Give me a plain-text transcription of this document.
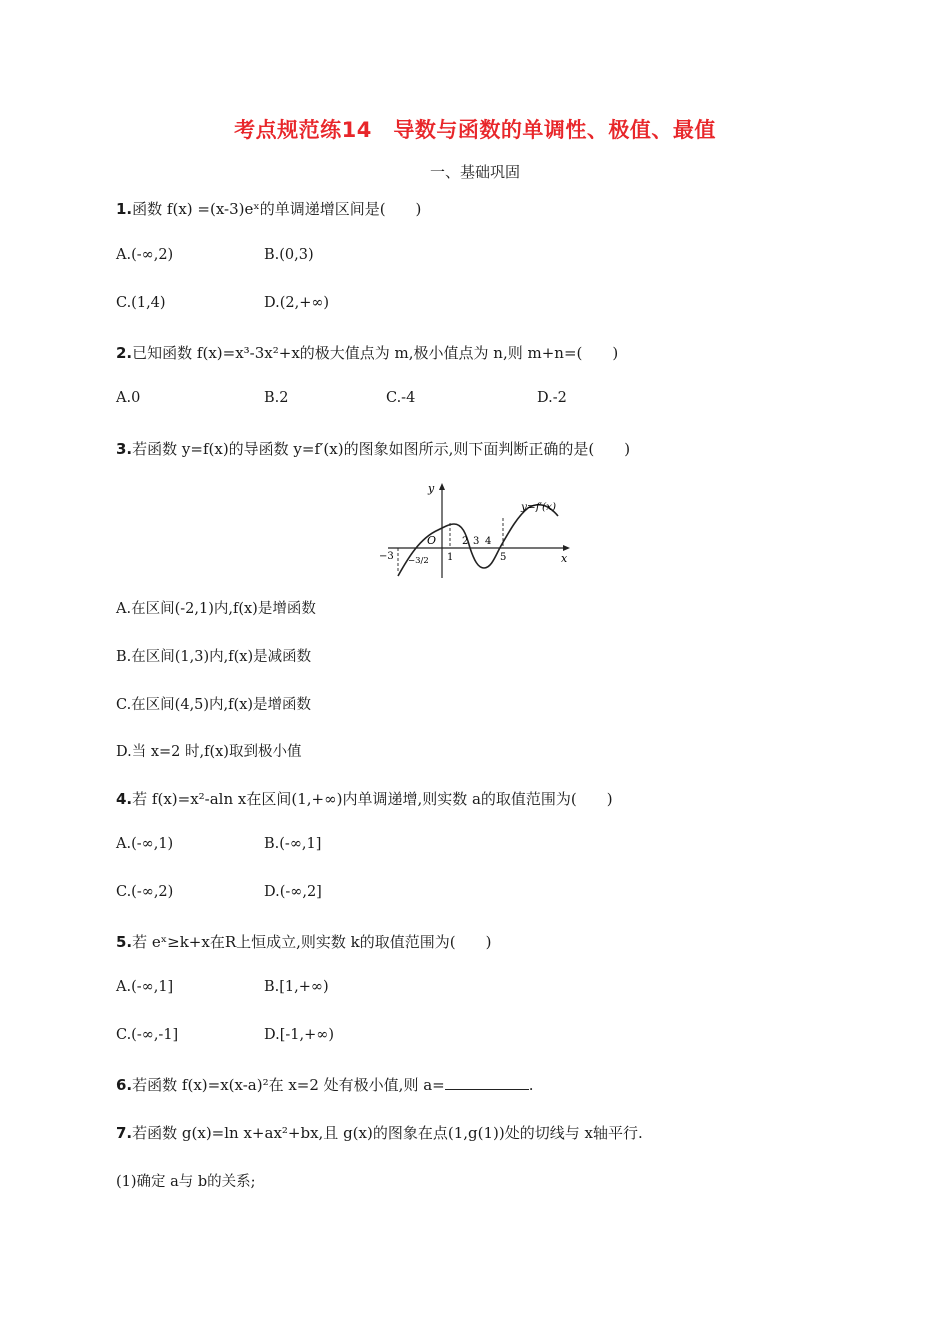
考点规范练14　导数与函数的单调性、极值、最值
一、基础巩固
1.函数 f(x) =(x-3)eˣ的单调递增区间是(　　)
A.(-∞,2)	B.(0,3)
C.(1,4)	D.(2,+∞)
2.已知函数 f(x)=x³-3x²+x的极大值点为 m,极小值点为 n,则 m+n=(　　)
A.0	B.2	C.-4	D.-2
3.若函数 y=f(x)的导函数 y=f′(x)的图象如图所示,则下面判断正确的是(　　)
y
x
O
y=f′(x)
−3 −3/2 1
2 3 4
5
A.在区间(-2,1)内,f(x)是增函数
B.在区间(1,3)内,f(x)是减函数
C.在区间(4,5)内,f(x)是增函数
D.当 x=2 时,f(x)取到极小值
4.若 f(x)=x²-aln x在区间(1,+∞)内单调递增,则实数 a的取值范围为(　　)
A.(-∞,1)	B.(-∞,1]
C.(-∞,2)	D.(-∞,2]
5.若 eˣ≥k+x在R上恒成立,则实数 k的取值范围为(　　)
A.(-∞,1]	B.[1,+∞)
C.(-∞,-1]	D.[-1,+∞)
6.若函数 f(x)=x(x-a)²在 x=2 处有极小值,则 a=	.
7.若函数 g(x)=ln x+ax²+bx,且 g(x)的图象在点(1,g(1))处的切线与 x轴平行.
(1)确定 a与 b的关系;
